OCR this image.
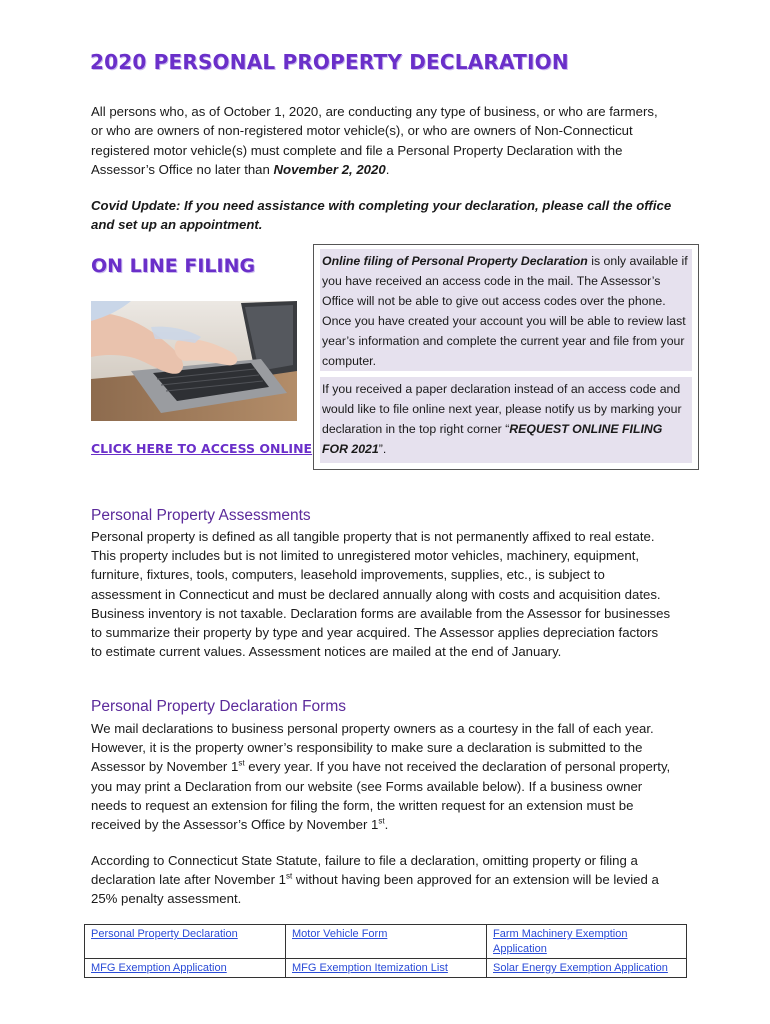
2020 PERSONAL PROPERTY DECLARATION

All persons who, as of October 1, 2020, are conducting any type of business, or who are farmers, or who are owners of non-registered motor vehicle(s), or who are owners of Non-Connecticut registered motor vehicle(s) must complete and file a Personal Property Declaration with the Assessor’s Office no later than November 2, 2020.

Covid Update: If you need assistance with completing your declaration, please call the office and set up an appointment.

ON LINE FILING
CLICK HERE TO ACCESS ONLINE

Online filing of Personal Property Declaration is only available if you have received an access code in the mail. The Assessor’s Office will not be able to give out access codes over the phone. Once you have created your account you will be able to review last year’s information and complete the current year and file from your computer.

If you received a paper declaration instead of an access code and would like to file online next year, please notify us by marking your declaration in the top right corner “REQUEST ONLINE FILING FOR 2021”.

Personal Property Assessments

Personal property is defined as all tangible property that is not permanently affixed to real estate. This property includes but is not limited to unregistered motor vehicles, machinery, equipment, furniture, fixtures, tools, computers, leasehold improvements, supplies, etc., is subject to assessment in Connecticut and must be declared annually along with costs and acquisition dates. Business inventory is not taxable. Declaration forms are available from the Assessor for businesses to summarize their property by type and year acquired. The Assessor applies depreciation factors to estimate current values. Assessment notices are mailed at the end of January.

Personal Property Declaration Forms

We mail declarations to business personal property owners as a courtesy in the fall of each year. However, it is the property owner’s responsibility to make sure a declaration is submitted to the Assessor by November 1st every year. If you have not received the declaration of personal property, you may print a Declaration from our website (see Forms available below). If a business owner needs to request an extension for filing the form, the written request for an extension must be received by the Assessor’s Office by November 1st.

According to Connecticut State Statute, failure to file a declaration, omitting property or filing a declaration late after November 1st without having been approved for an extension will be levied a 25% penalty assessment.

Personal Property Declaration	Motor Vehicle Form	Farm Machinery Exemption Application
MFG Exemption Application	MFG Exemption Itemization List	Solar Energy Exemption Application
